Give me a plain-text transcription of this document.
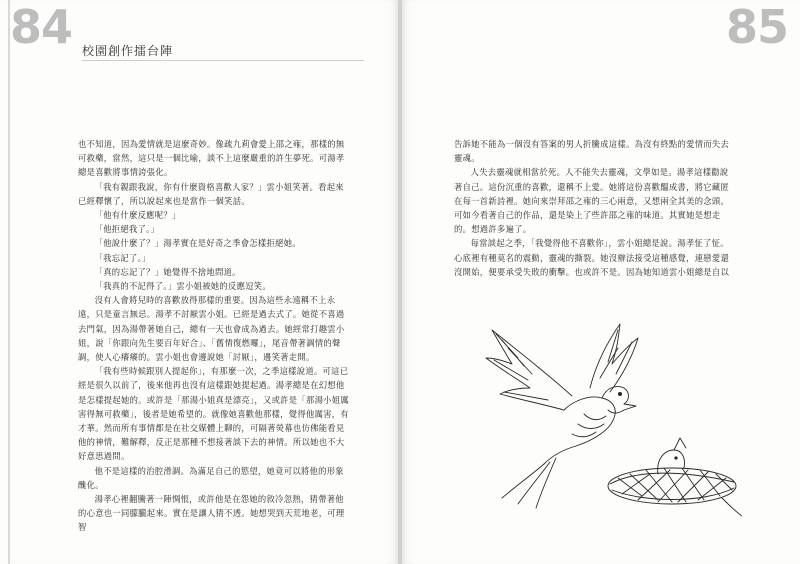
84 校園創作擂台陣

也不知道，因為愛情就是這麼奇妙。像疏九莉會愛上邵之雍，那樣的無可救藥，當然，這只是一個比喻，談不上這麼嚴重的許生夢死。可湯孝總是喜歡將事情誇張化。

「我有親跟我說，你有什麼資格喜歡人家？」雲小姐笑著。看起來已經釋懷了，所以說起來也是當作一個笑話。

「他有什麼反應呢？」

「他拒絕我了。」

「他說什麼了？」湯孝實在是好奇之季會怎樣拒絕她。

「我忘記了。」

「真的忘記了？」她覺得不捨地問道。

「我真的不記得了。」雲小姐被她的反應逗笑。

沒有人會將兒時的喜歡放得那樣的重要。因為這些永遠稱不上永遠，只是童言無忌。湯孝不討厭雲小姐。已經是過去式了。她從不喜過去門氣，因為湯帶著她自己，總有一天也會成為過去。她經常打趣雲小姐，說「你跟向先生要百年好合」、「舊情復燃囉」，尾音帶著調情的聲調，使人心癢癢的。雲小姐也會邊說她「討厭」，邊笑著走開。

「我有些時候跟別人提起你」，有那麼一次，之季這樣說道。可這已經是很久以前了，後來他再也沒有這樣跟她提起過。湯孝總是在幻想他是怎樣提起她的。或許是「那湯小姐真是漂亮」，又或許是「那湯小姐厲害得無可救藥」，後者是她希望的。就像她喜歡他那樣，覺得他厲害，有才華。然而所有事情都是在社交媒體上聊的，可隔著熒幕也仿佛能看見他的神情，難解釋，反正是那種不想接著談下去的神情。所以她也不大好意思過問。

他不是這樣的治腔滑調。為滿足自己的慾望，她竟可以將他的形象醜化。

湯孝心裡翻騰著一陣惆悵，或許他是在怨她的敘冷忽熱，猜帶著他的心意也一同朦朧起來。實在是讓人猜不透。她想哭到天荒地老，可理智

85

告訴她不能為一個沒有答案的男人折騰成這樣。為沒有終點的愛情而失去靈魂。

人失去靈魂就相當於死。人不能失去靈魂，文學如是。湯孝這樣勸說著自己。這份沉重的喜歡，還稱不上愛。她將這份喜歡醞成書，將它藏匿在每一首新詩裡。她向來崇拜邵之雍的三心兩意，又想兩全其美的念頭。可如今看著自己的作品，還是染上了些許邵之雍的味道。其實她是想走的。想過許多遍了。

每當談起之季，「我覺得他不喜歡你」，雲小姐總是說。湯孝怔了怔。心底裡有種莫名的震動，靈魂的撕裂。她沒辦法接受這種感覺，連戀愛還沒開始，便要承受失敗的衝擊。也或許不是。因為她知道雲小姐總是自以
